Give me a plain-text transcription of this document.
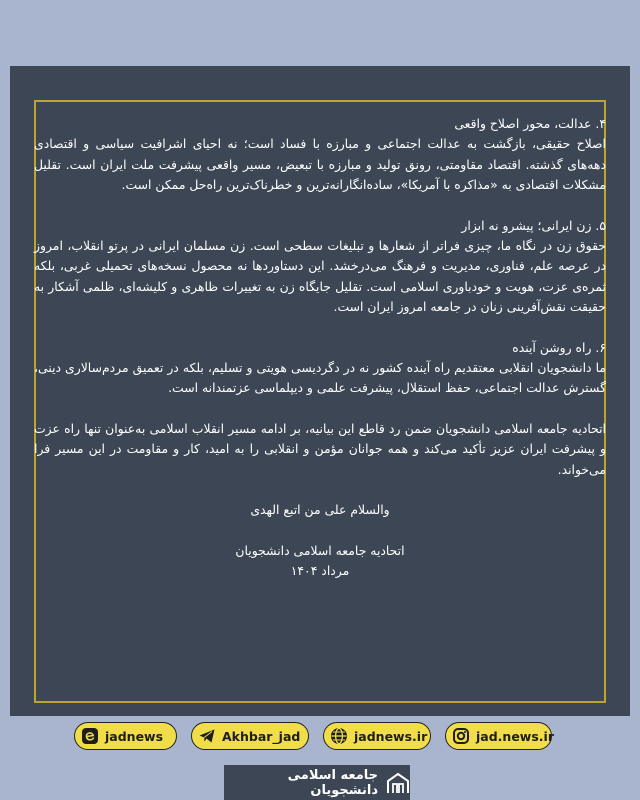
۴. عدالت، محور اصلاح واقعی

اصلاح حقیقی، بازگشت به عدالت اجتماعی و مبارزه با فساد است؛ نه احیای اشرافیت سیاسی و اقتصادی دهه‌های گذشته. اقتصاد مقاومتی، رونق تولید و مبارزه با تبعیض، مسیر واقعی پیشرفت ملت ایران است. تقلیل مشکلات اقتصادی به «مذاکره با آمریکا»، ساده‌انگارانه‌ترین و خطرناک‌ترین راه‌حل ممکن است.

۵. زن ایرانی؛ پیشرو نه ابزار

حقوق زن در نگاه ما، چیزی فراتر از شعارها و تبلیغات سطحی است. زن مسلمان ایرانی در پرتو انقلاب، امروز در عرصه علم، فناوری، مدیریت و فرهنگ می‌درخشد. این دستاوردها نه محصول نسخه‌های تحمیلی غربی، بلکه ثمره‌ی عزت، هویت و خودباوری اسلامی است. تقلیل جایگاه زن به تغییرات ظاهری و کلیشه‌ای، ظلمی آشکار به حقیقت نقش‌آفرینی زنان در جامعه امروز ایران است.

۶. راه روشن آینده

ما دانشجویان انقلابی معتقدیم راه آینده کشور نه در دگردیسی هویتی و تسلیم، بلکه در تعمیق مردم‌سالاری دینی، گسترش عدالت اجتماعی، حفظ استقلال، پیشرفت علمی و دیپلماسی عزتمندانه است.

اتحادیه جامعه اسلامی دانشجویان ضمن رد قاطع این بیانیه، بر ادامه مسیر انقلاب اسلامی به‌عنوان تنها راه عزت و پیشرفت ایران عزیز تأکید می‌کند و همه جوانان مؤمن و انقلابی را به امید، کار و مقاومت در این مسیر فرا می‌خواند.

والسلام علی من اتبع الهدی

اتحادیه جامعه اسلامی دانشجویان

مرداد ۱۴۰۴

jad.news.ir
jadnews.ir
Akhbar_jad
jadnews
جامعه اسلامی دانشجویان
